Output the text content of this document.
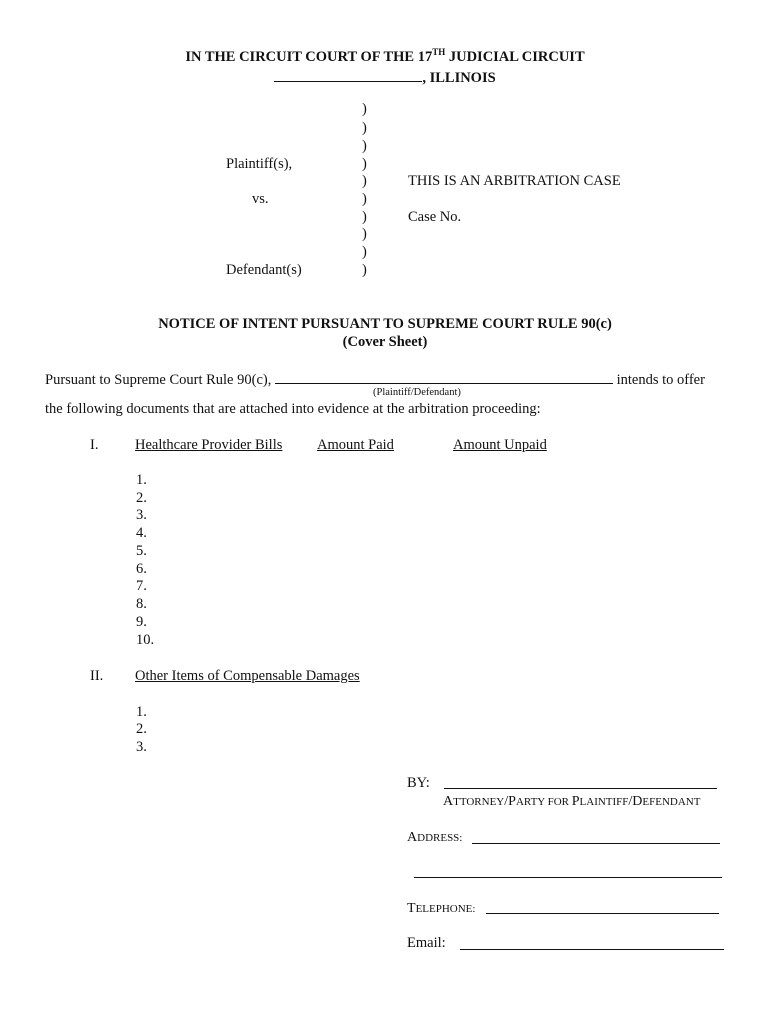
IN THE CIRCUIT COURT OF THE 17TH JUDICIAL CIRCUIT
, ILLINOIS
)
)
)
)
)
)
)
)
)
)
Plaintiff(s),
vs.
Defendant(s)
THIS IS AN ARBITRATION CASE
Case No.
NOTICE OF INTENT PURSUANT TO SUPREME COURT RULE 90(c)
(Cover Sheet)
Pursuant to Supreme Court Rule 90(c),	intends to offer
(Plaintiff/Defendant)
the following documents that are attached into evidence at the arbitration proceeding:
I.	Healthcare Provider Bills Amount Paid	Amount Unpaid
1.
2.
3.
4.
5.
6.
7.
8.
9.
10.
II. Other Items of Compensable Damages
1.
2.
3.
BY:
ATTORNEY/PARTY FOR PLAINTIFF/DEFENDANT
ADDRESS:
TELEPHONE:
Email:
